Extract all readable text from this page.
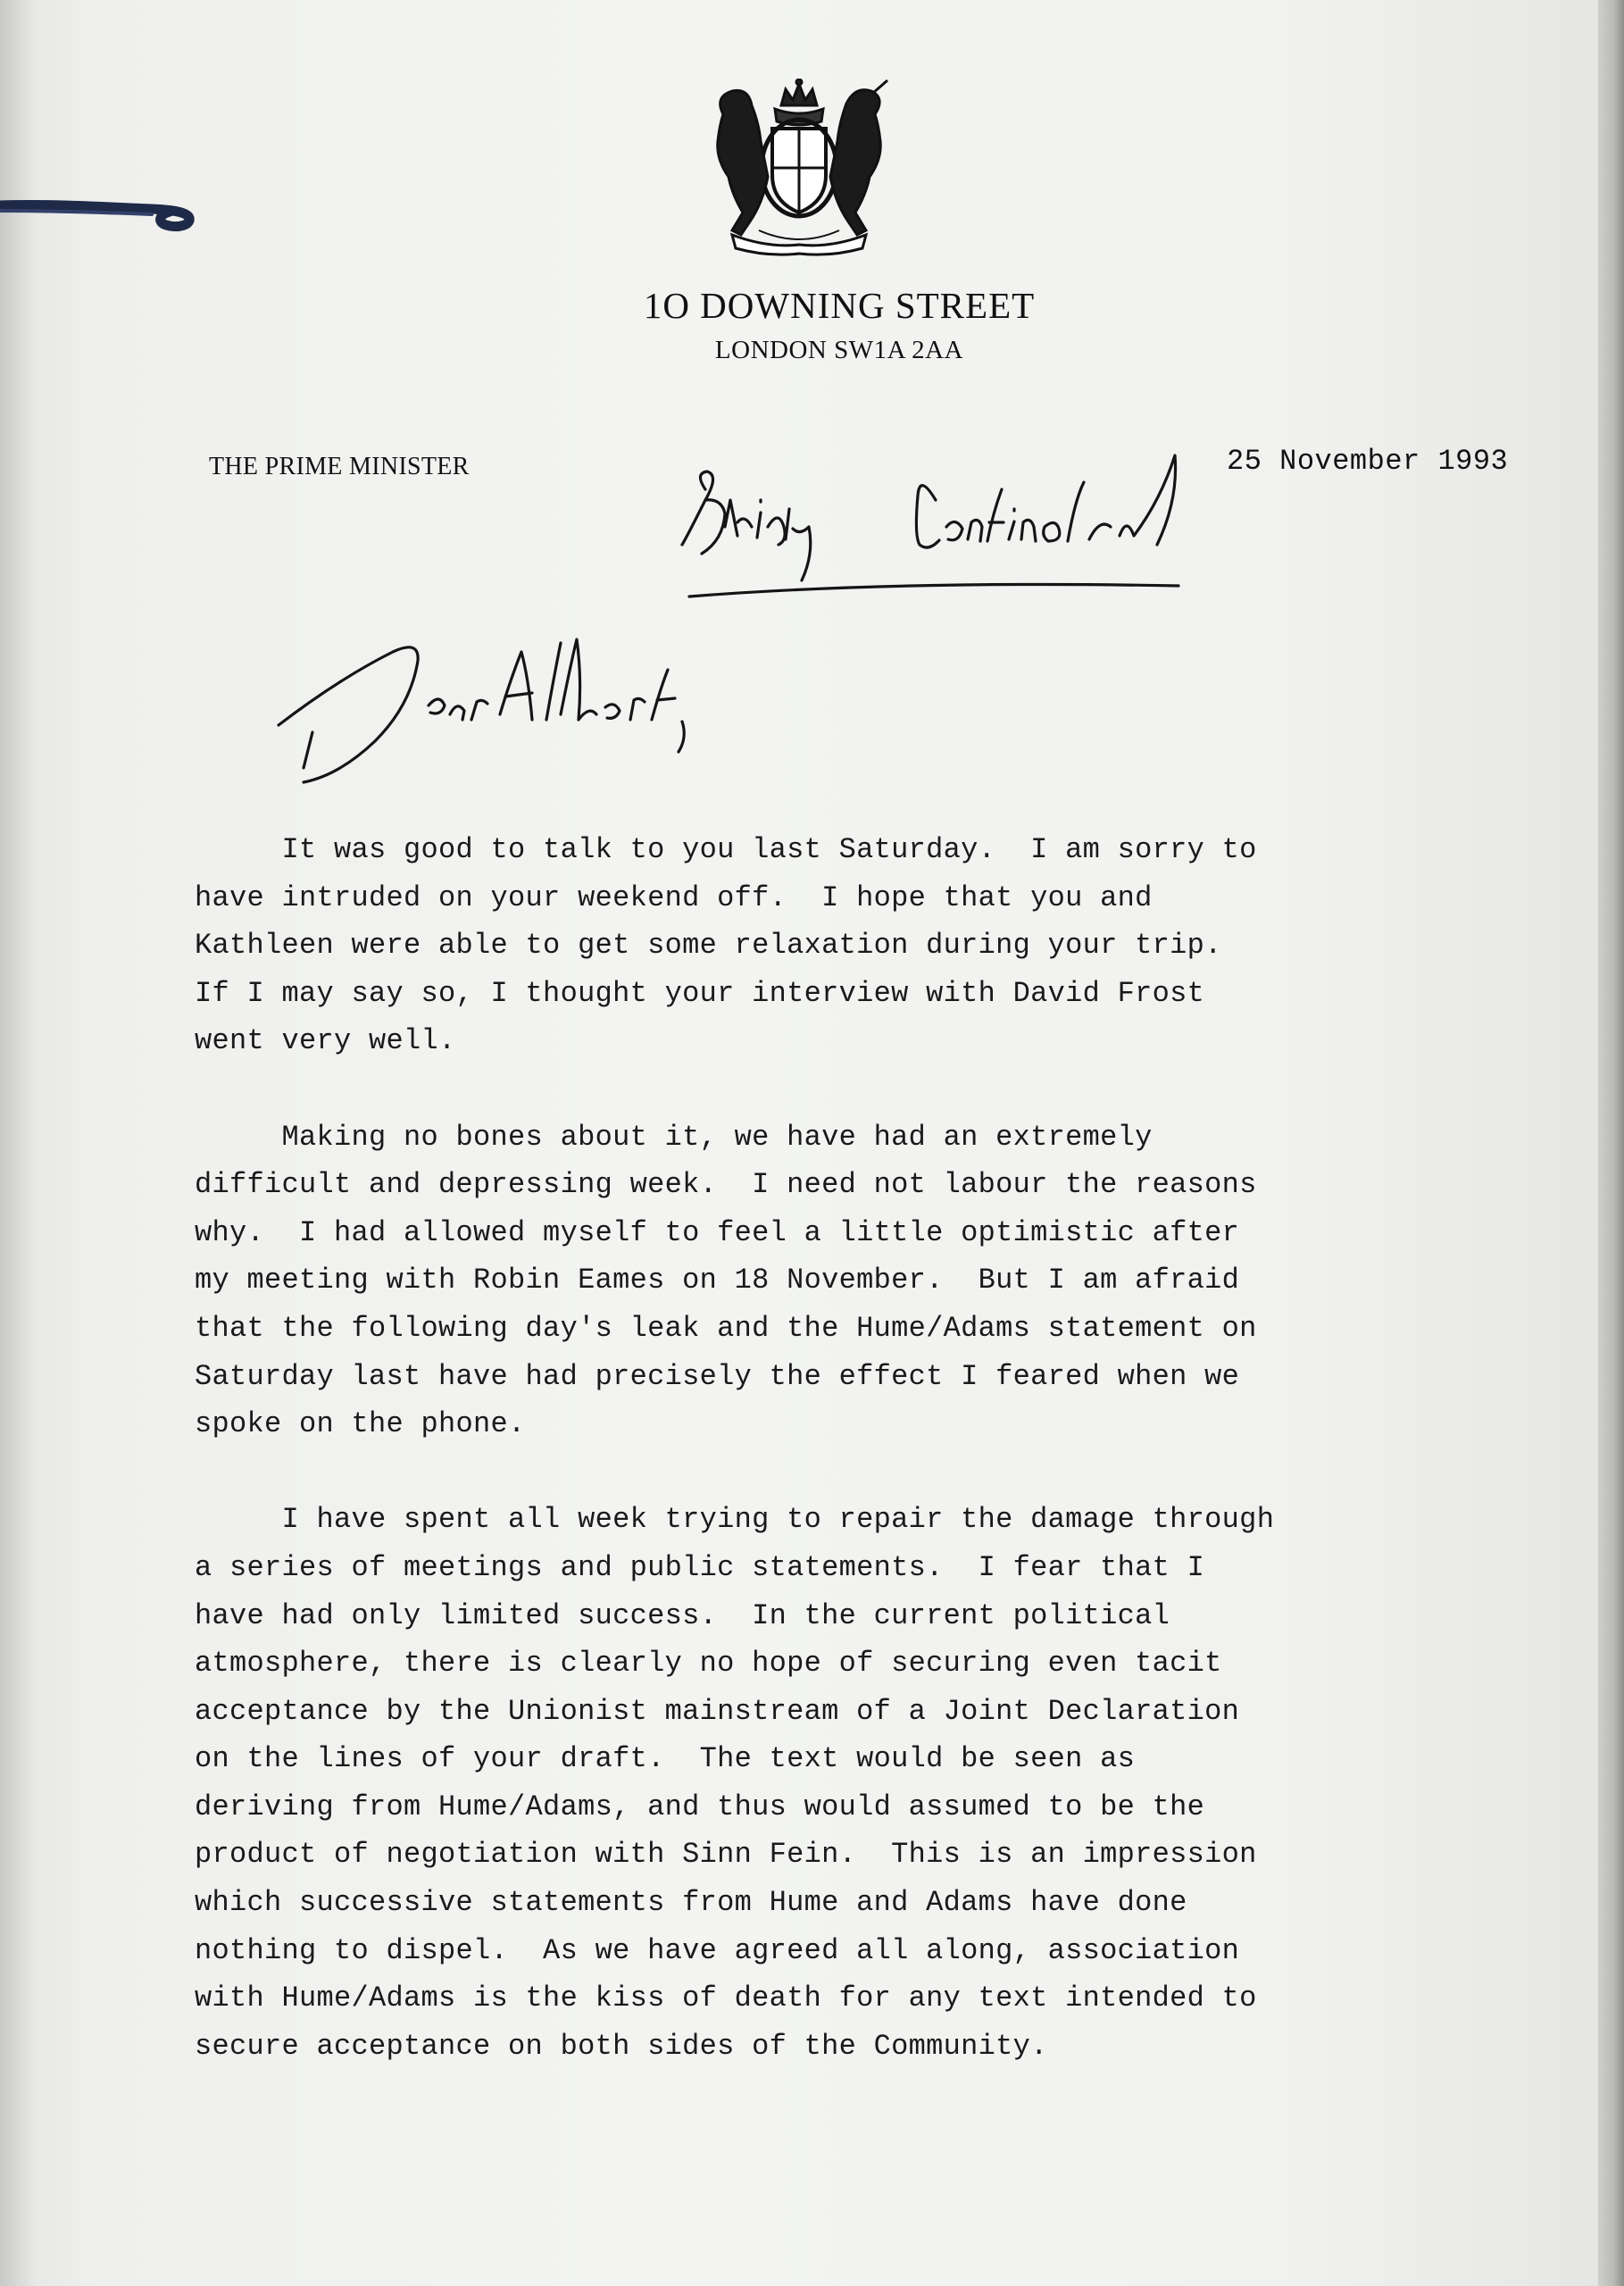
1O DOWNING STREET
LONDON SW1A 2AA
THE PRIME MINISTER	25 November 1993

It was good to talk to you last Saturday.  I am sorry to
have intruded on your weekend off.  I hope that you and
Kathleen were able to get some relaxation during your trip.
If I may say so, I thought your interview with David Frost
went very well.
Making no bones about it, we have had an extremely
difficult and depressing week.  I need not labour the reasons
why.  I had allowed myself to feel a little optimistic after
my meeting with Robin Eames on 18 November.  But I am afraid
that the following day's leak and the Hume/Adams statement on
Saturday last have had precisely the effect I feared when we
spoke on the phone.
I have spent all week trying to repair the damage through
a series of meetings and public statements.  I fear that I
have had only limited success.  In the current political
atmosphere, there is clearly no hope of securing even tacit
acceptance by the Unionist mainstream of a Joint Declaration
on the lines of your draft.  The text would be seen as
deriving from Hume/Adams, and thus would assumed to be the
product of negotiation with Sinn Fein.  This is an impression
which successive statements from Hume and Adams have done
nothing to dispel.  As we have agreed all along, association
with Hume/Adams is the kiss of death for any text intended to
secure acceptance on both sides of the Community.
